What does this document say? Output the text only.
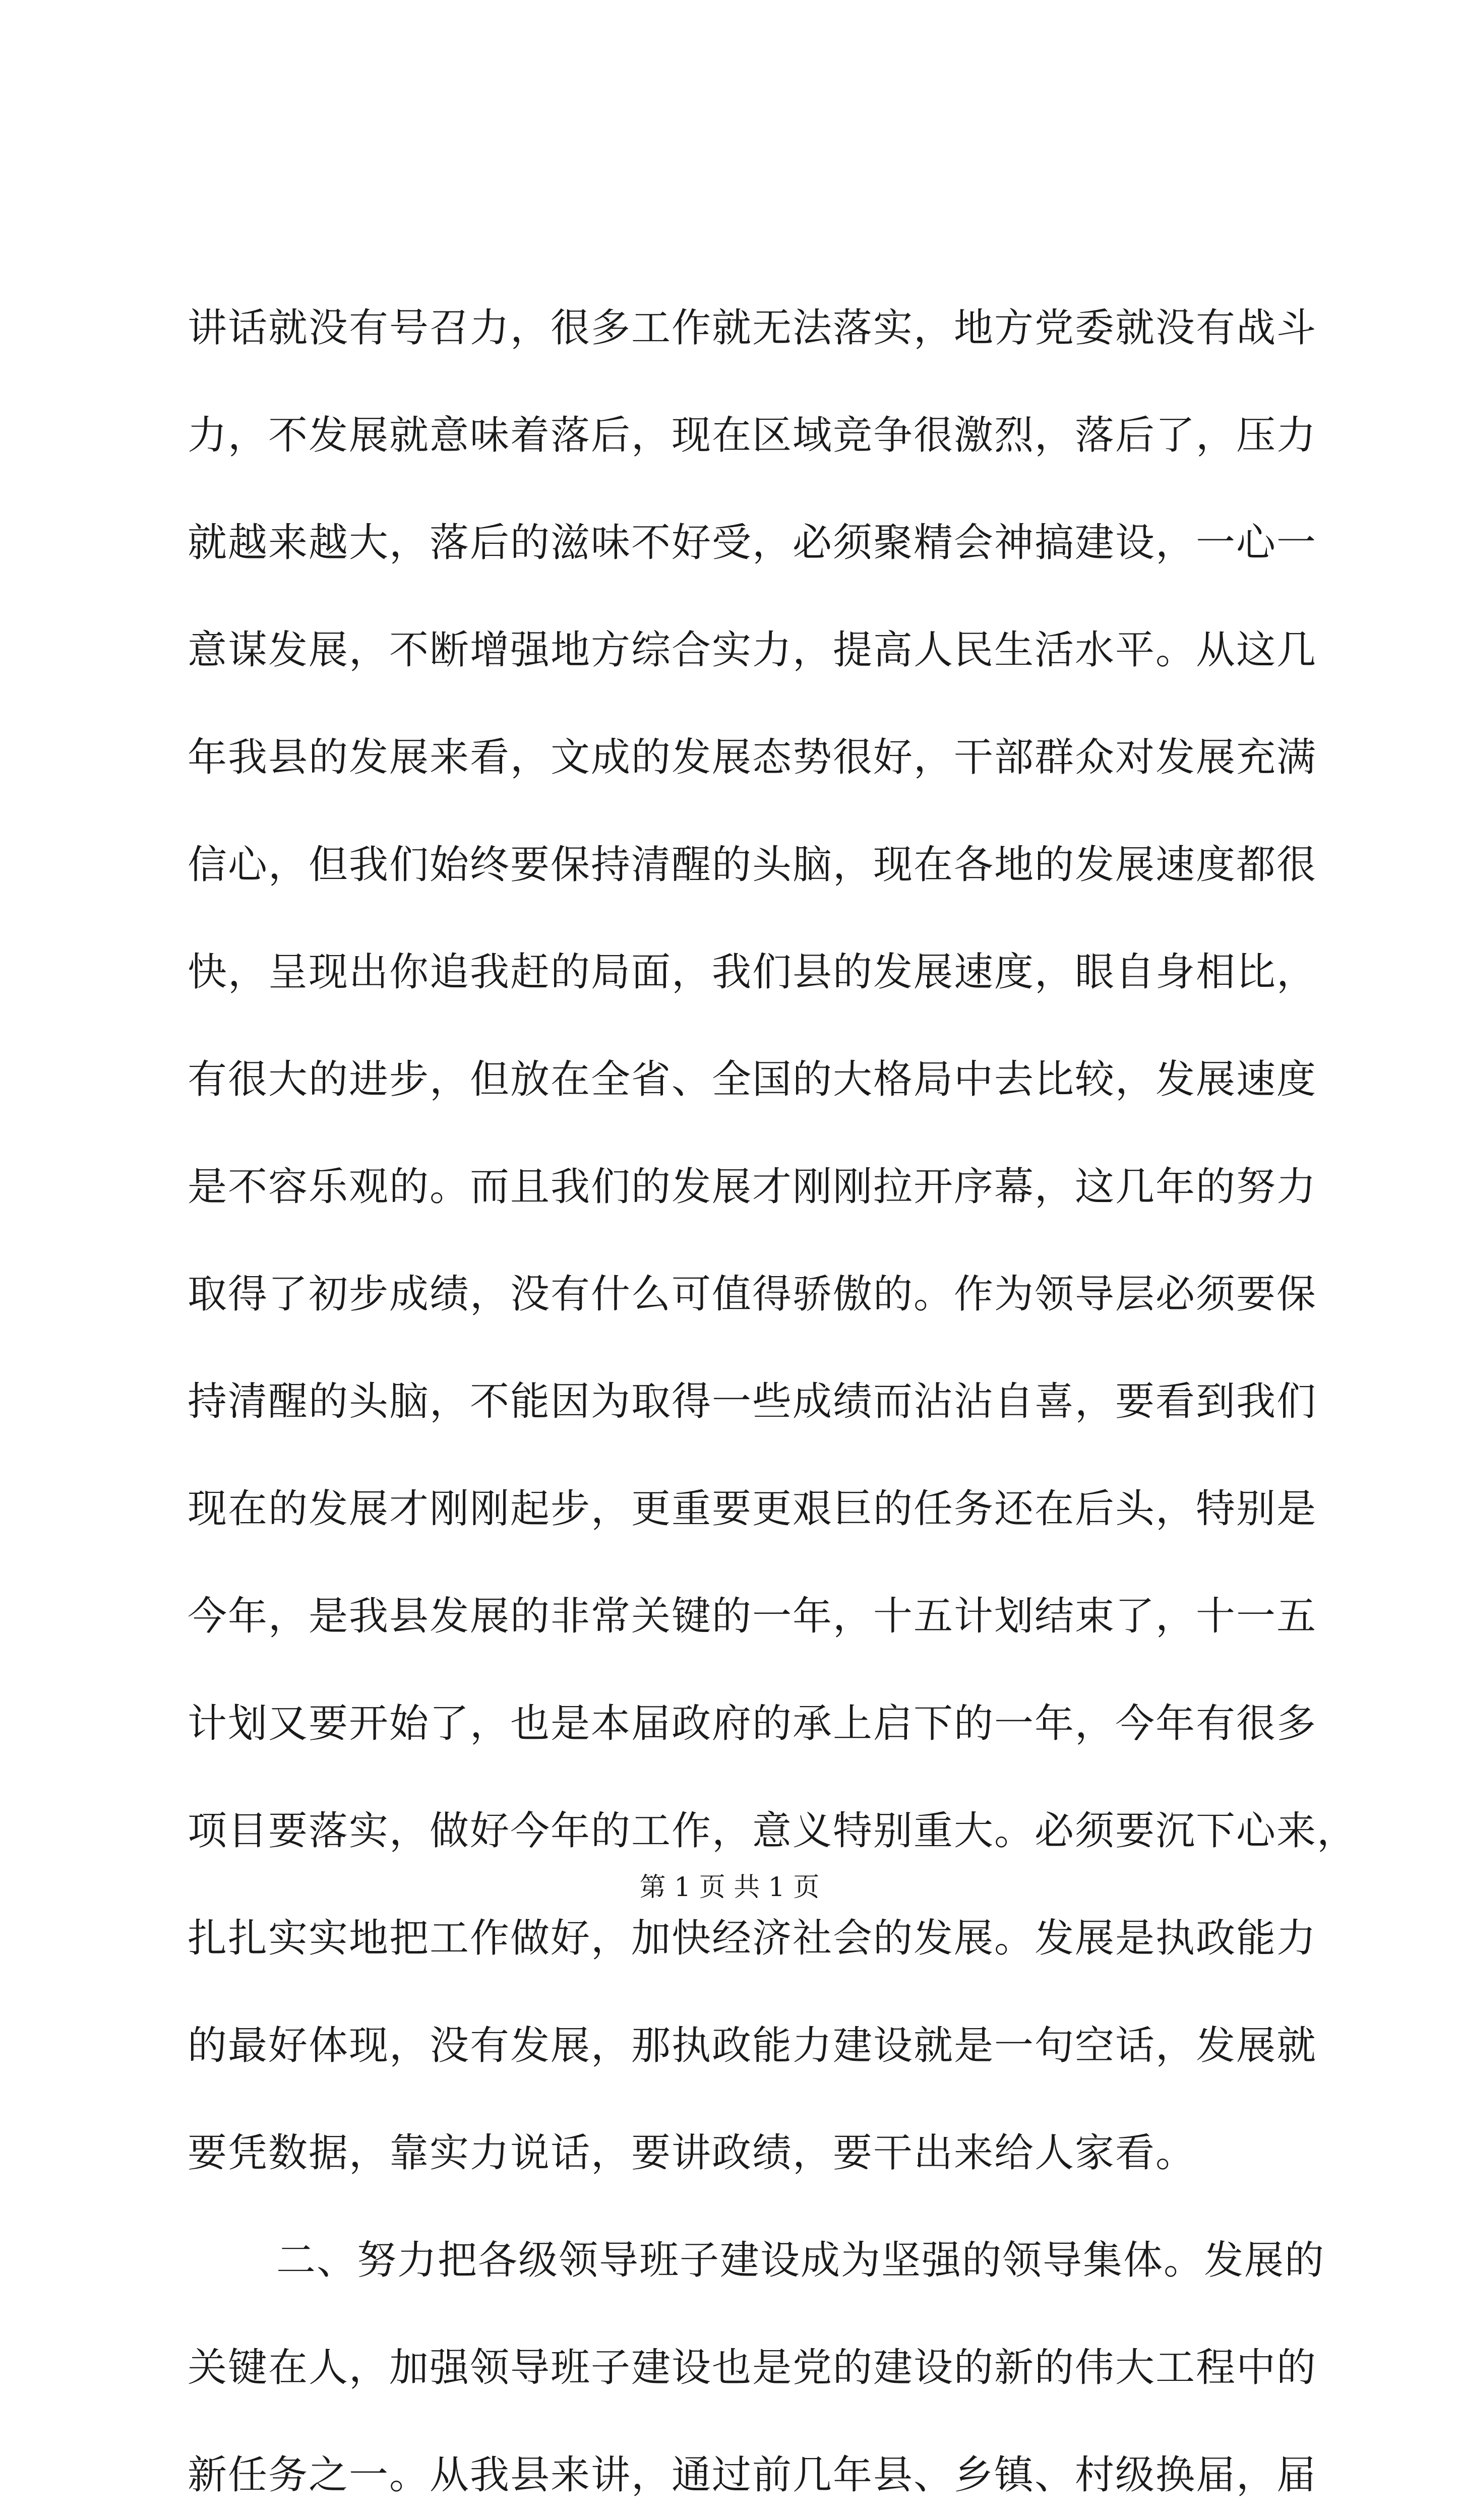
讲话就没有号召力，很多工作就无法落实，地方党委就没有战斗
力，不发展就意味着落后，现在区域竞争很激烈，落后了，压力
就越来越大，落后的滋味不好受，必须聚精会神搞建设，一心一
意谋发展，不断增强地方综合实力，提高人民生活水平。从这几
年我县的发展来看，文成的发展态势很好，干部群众对发展充满
信心，但我们始终要保持清醒的头脑，现在各地的发展速度都很
快，呈现出你追我赶的局面，我们县的发展速度，眼自身相比，
有很大的进步，但放在全省、全国的大格局中去比较，发展速度
是不容乐观的。而且我们的发展才刚刚拉开序幕，这几年的努力
取得了初步成绩，没有什么可值得骄傲的。作为领导层必须要保
持清醒的头脑，不能因为取得一些成绩而沾沾自喜，要看到我们
现在的发展才刚刚起步，更重要更艰巨的任务还在后头，特别是
今年，是我县发展的非常关键的一年，十五计划结束了，十一五
计划又要开始了，也是本届政府的承上启下的一年，今年有很多
项目要落实，做好今年的工作，意义特别重大。必须要沉下心来，
扎扎实实地把工作做好，加快经济社会的发展。发展是执政能力
的最好体现，没有发展，那执政能力建设就是一句空话，发展就
要凭数据，靠实力说话，要讲政绩，要干出来给人家看。
二、努力把各级领导班子建设成为坚强的领导集体。发展的
关键在人，加强领导班子建设也是党的建设的新的伟大工程中的
新任务之一。从我县来讲，通过前几年县、乡镇、村级换届，届
第 1 页 共 1 页
